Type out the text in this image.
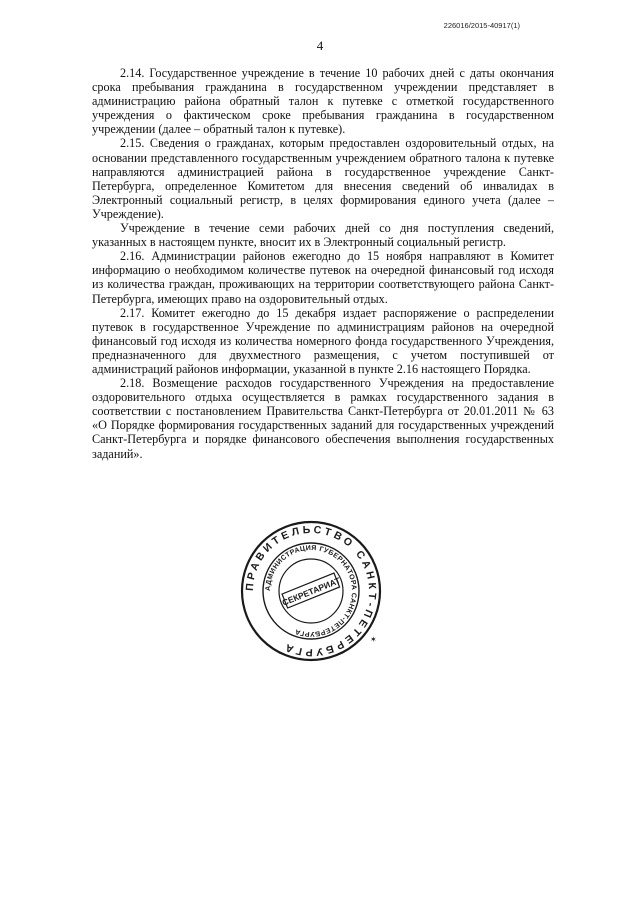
226016/2015-40917(1)
4

2.14. Государственное учреждение в течение 10 рабочих дней с даты окончания срока пребывания гражданина в государственном учреждении представляет в администрацию района обратный талон к путевке с отметкой государственного учреждения о фактическом сроке пребывания гражданина в государственном учреждении (далее – обратный талон к путевке).

2.15. Сведения о гражданах, которым предоставлен оздоровительный отдых, на основании представленного государственным учреждением обратного талона к путевке направляются администрацией района в государственное учреждение Санкт-Петербурга, определенное Комитетом для внесения сведений об инвалидах в Электронный социальный регистр, в целях формирования единого учета (далее – Учреждение).

Учреждение в течение семи рабочих дней со дня поступления сведений, указанных в настоящем пункте, вносит их в Электронный социальный регистр.

2.16. Администрации районов ежегодно до 15 ноября направляют в Комитет информацию о необходимом количестве путевок на очередной финансовый год исходя из количества граждан, проживающих на территории соответствующего района Санкт-Петербурга, имеющих право на оздоровительный отдых.

2.17. Комитет ежегодно до 15 декабря издает распоряжение о распределении путевок в государственное Учреждение по администрациям районов на очередной финансовый год исходя из количества номерного фонда государственного Учреждения, предназначенного для двухместного размещения, с учетом поступившей от администраций районов информации, указанной в пункте 2.16 настоящего Порядка.

2.18. Возмещение расходов государственного Учреждения на предоставление оздоровительного отдыха осуществляется в рамках государственного задания в соответствии с постановлением Правительства Санкт-Петербурга от 20.01.2011 № 63 «О Порядке формирования государственных заданий для государственных учреждений Санкт-Петербурга и порядке финансового обеспечения выполнения государственных заданий».

ПРАВИТЕЛЬСТВО САНКТ-ПЕТЕРБУРГА
АДМИНИСТРАЦИЯ ГУБЕРНАТОРА САНКТ-ПЕТЕРБУРГА
СЕКРЕТАРИАТ
✶
